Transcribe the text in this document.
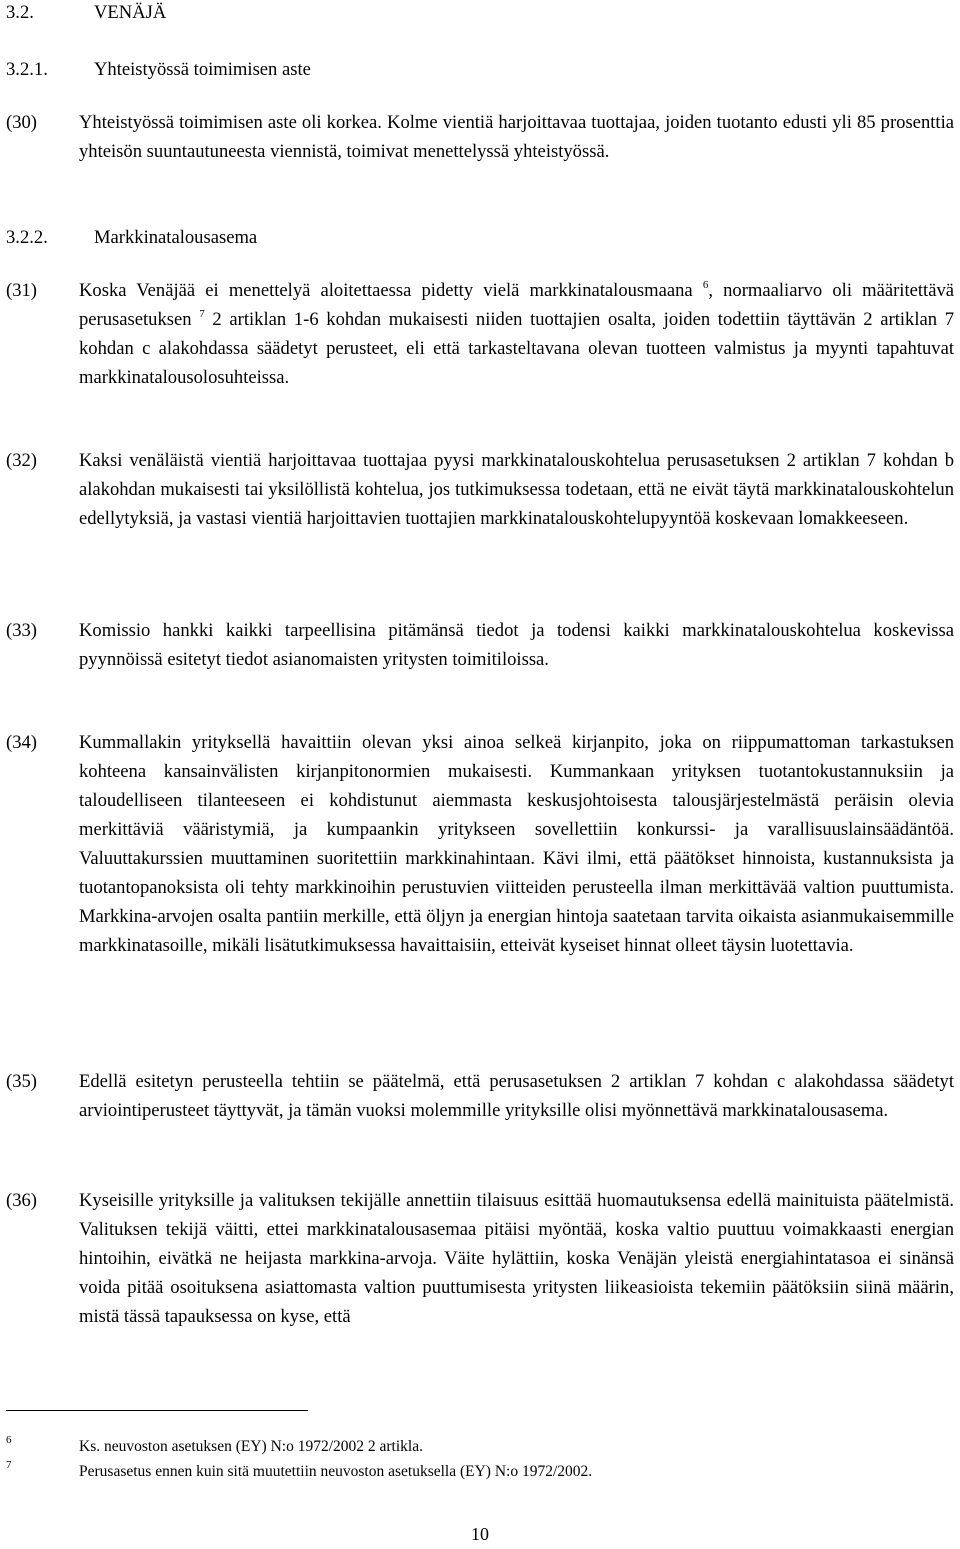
3.2.	VENÄJÄ
3.2.1.	Yhteistyössä toimimisen aste
(30)	Yhteistyössä toimimisen aste oli korkea. Kolme vientiä harjoittavaa tuottajaa, joiden tuotanto edusti yli 85 prosenttia yhteisön suuntautuneesta viennistä, toimivat menettelyssä yhteistyössä.
3.2.2.	Markkinatalousasema
(31)	Koska Venäjää ei menettelyä aloitettaessa pidetty vielä markkinatalousmaana $^6$, normaaliarvo oli määritettävä perusasetuksen $^7$ 2 artiklan 1-6 kohdan mukaisesti niiden tuottajien osalta, joiden todettiin täyttävän 2 artiklan 7 kohdan c alakohdassa säädetyt perusteet, eli että tarkasteltavana olevan tuotteen valmistus ja myynti tapahtuvat markkinatalousolosuhteissa.
(32)	Kaksi venäläistä vientiä harjoittavaa tuottajaa pyysi markkinatalouskohtelua perusasetuksen 2 artiklan 7 kohdan b alakohdan mukaisesti tai yksilöllistä kohtelua, jos tutkimuksessa todetaan, että ne eivät täytä markkinatalouskohtelun edellytyksiä, ja vastasi vientiä harjoittavien tuottajien markkinatalouskohtelupyyntöä koskevaan lomakkeeseen.
(33)	Komissio hankki kaikki tarpeellisina pitämänsä tiedot ja todensi kaikki markkinatalouskohtelua koskevissa pyynnöissä esitetyt tiedot asianomaisten yritysten toimitiloissa.
(34)	Kummallakin yrityksellä havaittiin olevan yksi ainoa selkeä kirjanpito, joka on riippumattoman tarkastuksen kohteena kansainvälisten kirjanpitonormien mukaisesti. Kummankaan yrityksen tuotantokustannuksiin ja taloudelliseen tilanteeseen ei kohdistunut aiemmasta keskusjohtoisesta talousjärjestelmästä peräisin olevia merkittäviä vääristymiä, ja kumpaankin yritykseen sovellettiin konkurssi- ja varallisuuslainsäädäntöä. Valuuttakurssien muuttaminen suoritettiin markkinahintaan. Kävi ilmi, että päätökset hinnoista, kustannuksista ja tuotantopanoksista oli tehty markkinoihin perustuvien viitteiden perusteella ilman merkittävää valtion puuttumista. Markkina-arvojen osalta pantiin merkille, että öljyn ja energian hintoja saatetaan tarvita oikaista asianmukaisemmille markkinatasoille, mikäli lisätutkimuksessa havaittaisiin, etteivät kyseiset hinnat olleet täysin luotettavia.
(35)	Edellä esitetyn perusteella tehtiin se päätelmä, että perusasetuksen 2 artiklan 7 kohdan c alakohdassa säädetyt arviointiperusteet täyttyvät, ja tämän vuoksi molemmille yrityksille olisi myönnettävä markkinatalousasema.
(36)	Kyseisille yrityksille ja valituksen tekijälle annettiin tilaisuus esittää huomautuksensa edellä mainituista päätelmistä. Valituksen tekijä väitti, ettei markkinatalousasemaa pitäisi myöntää, koska valtio puuttuu voimakkaasti energian hintoihin, eivätkä ne heijasta markkina-arvoja. Väite hylättiin, koska Venäjän yleistä energiahintatasoa ei sinänsä voida pitää osoituksena asiattomasta valtion puuttumisesta yritysten liikeasioista tekemiin päätöksiin siinä määrin, mistä tässä tapauksessa on kyse, että
6	Ks. neuvoston asetuksen (EY) N:o 1972/2002 2 artikla.
7	Perusasetus ennen kuin sitä muutettiin neuvoston asetuksella (EY) N:o 1972/2002.
10
